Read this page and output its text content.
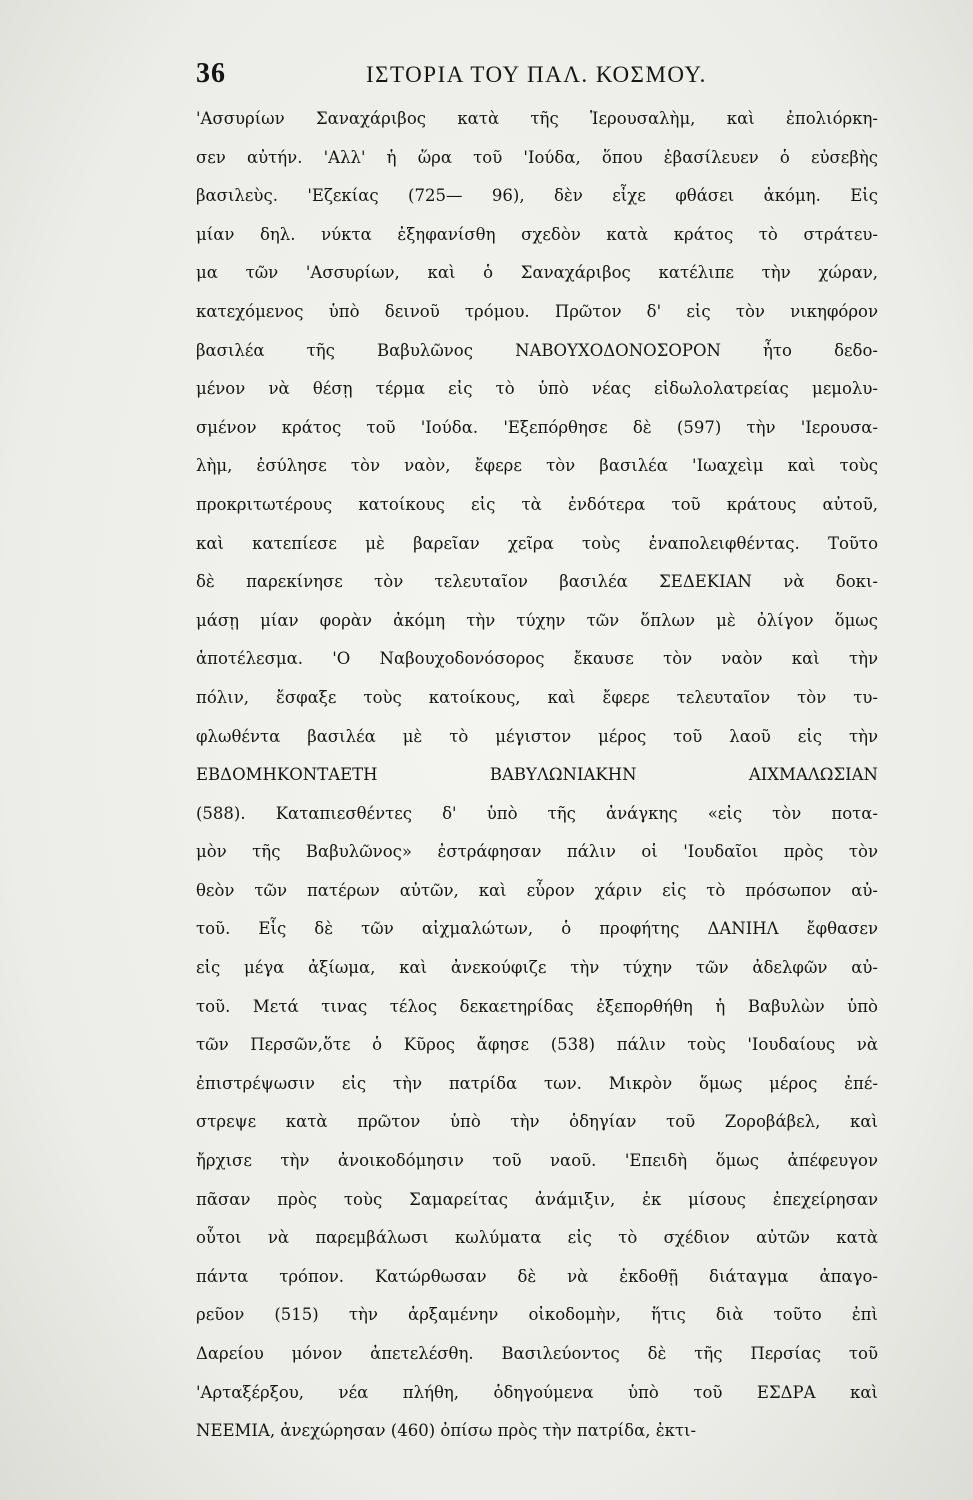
36	ΙΣΤΟΡΙΑ ΤΟΥ ΠΑΛ. ΚΟΣΜΟΥ.
'Ασσυρίων Σαναχάριβος κατὰ τῆς Ἱερουσαλὴμ, καὶ ἐπολιόρκη-
σεν αὐτήν. 'Αλλ' ἡ ὥρα τοῦ 'Ιούδα, ὅπου ἐβασίλευεν ὁ εὐσεβὴς
βασιλεὺς. 'Εζεκίας (725— 96), δὲν εἶχε φθάσει ἀκόμη. Εἰς
μίαν δηλ. νύκτα ἐξηφανίσθη σχεδὸν κατὰ κράτος τὸ στράτευ-
μα τῶν 'Ασσυρίων, καὶ ὁ Σαναχάριβος κατέλιπε τὴν χώραν,
κατεχόμενος ὑπὸ δεινοῦ τρόμου. Πρῶτον δ' εἰς τὸν νικηφόρον
βασιλέα τῆς Βαβυλῶνος ΝΑΒΟΥΧΟΔΟΝΟΣΟΡΟΝ ἦτο δεδο-
μένον νὰ θέσῃ τέρμα εἰς τὸ ὑπὸ νέας εἰδωλολατρείας μεμολυ-
σμένον κράτος τοῦ 'Ιούδα. 'Εξεπόρθησε δὲ (597) τὴν 'Ιερουσα-
λὴμ, ἐσύλησε τὸν ναὸν, ἔφερε τὸν βασιλέα 'Ιωαχεὶμ καὶ τοὺς
προκριτωτέρους κατοίκους εἰς τὰ ἐνδότερα τοῦ κράτους αὐτοῦ,
καὶ κατεπίεσε μὲ βαρεῖαν χεῖρα τοὺς ἐναπολειφθέντας. Τοῦτο
δὲ παρεκίνησε τὸν τελευταῖον βασιλέα ΣΕΔΕΚΙΑΝ νὰ δοκι-
μάσῃ μίαν φορὰν ἀκόμη τὴν τύχην τῶν ὅπλων μὲ ὀλίγον ὅμως
ἀποτέλεσμα. 'Ο Ναβουχοδονόσορος ἔκαυσε τὸν ναὸν καὶ τὴν
πόλιν, ἔσφαξε τοὺς κατοίκους, καὶ ἔφερε τελευταῖον τὸν τυ-
φλωθέντα βασιλέα μὲ τὸ μέγιστον μέρος τοῦ λαοῦ εἰς τὴν
ΕΒΔΟΜΗΚΟΝΤΑΕΤΗ ΒΑΒΥΛΩΝΙΑΚΗΝ ΑΙΧΜΑΛΩΣΙΑΝ
(588). Καταπιεσθέντες δ' ὑπὸ τῆς ἀνάγκης «εἰς τὸν ποτα-
μὸν τῆς Βαβυλῶνος» ἐστράφησαν πάλιν οἱ 'Ιουδαῖοι πρὸς τὸν
θεὸν τῶν πατέρων αὐτῶν, καὶ εὗρον χάριν εἰς τὸ πρόσωπον αὐ-
τοῦ. Εἷς δὲ τῶν αἰχμαλώτων, ὁ προφήτης ΔΑΝΙΗΛ ἔφθασεν
εἰς μέγα ἀξίωμα, καὶ ἀνεκούφιζε τὴν τύχην τῶν ἀδελφῶν αὐ-
τοῦ. Μετά τινας τέλος δεκαετηρίδας ἐξεπορθήθη ἡ Βαβυλὼν ὑπὸ
τῶν Περσῶν,ὅτε ὁ Κῦρος ἄφησε (538) πάλιν τοὺς 'Ιουδαίους νὰ
ἐπιστρέψωσιν εἰς τὴν πατρίδα των. Μικρὸν ὅμως μέρος ἐπέ-
στρεψε κατὰ πρῶτον ὑπὸ τὴν ὁδηγίαν τοῦ Ζοροβάβελ, καὶ
ἤρχισε τὴν ἀνοικοδόμησιν τοῦ ναοῦ. 'Επειδὴ ὅμως ἀπέφευγον
πᾶσαν πρὸς τοὺς Σαμαρείτας ἀνάμιξιν, ἐκ μίσους ἐπεχείρησαν
οὗτοι νὰ παρεμβάλωσι κωλύματα εἰς τὸ σχέδιον αὐτῶν κατὰ
πάντα τρόπον. Κατώρθωσαν δὲ νὰ ἐκδοθῇ διάταγμα ἀπαγο-
ρεῦον (515) τὴν ἀρξαμένην οἰκοδομὴν, ἥτις διὰ τοῦτο ἐπὶ
Δαρείου μόνον ἀπετελέσθη. Βασιλεύοντος δὲ τῆς Περσίας τοῦ
'Αρταξέρξου, νέα πλήθη, ὁδηγούμενα ὑπὸ τοῦ ΕΣΔΡΑ καὶ
ΝΕΕΜΙΑ, ἀνεχώρησαν (460) ὀπίσω πρὸς τὴν πατρίδα, ἐκτι-
